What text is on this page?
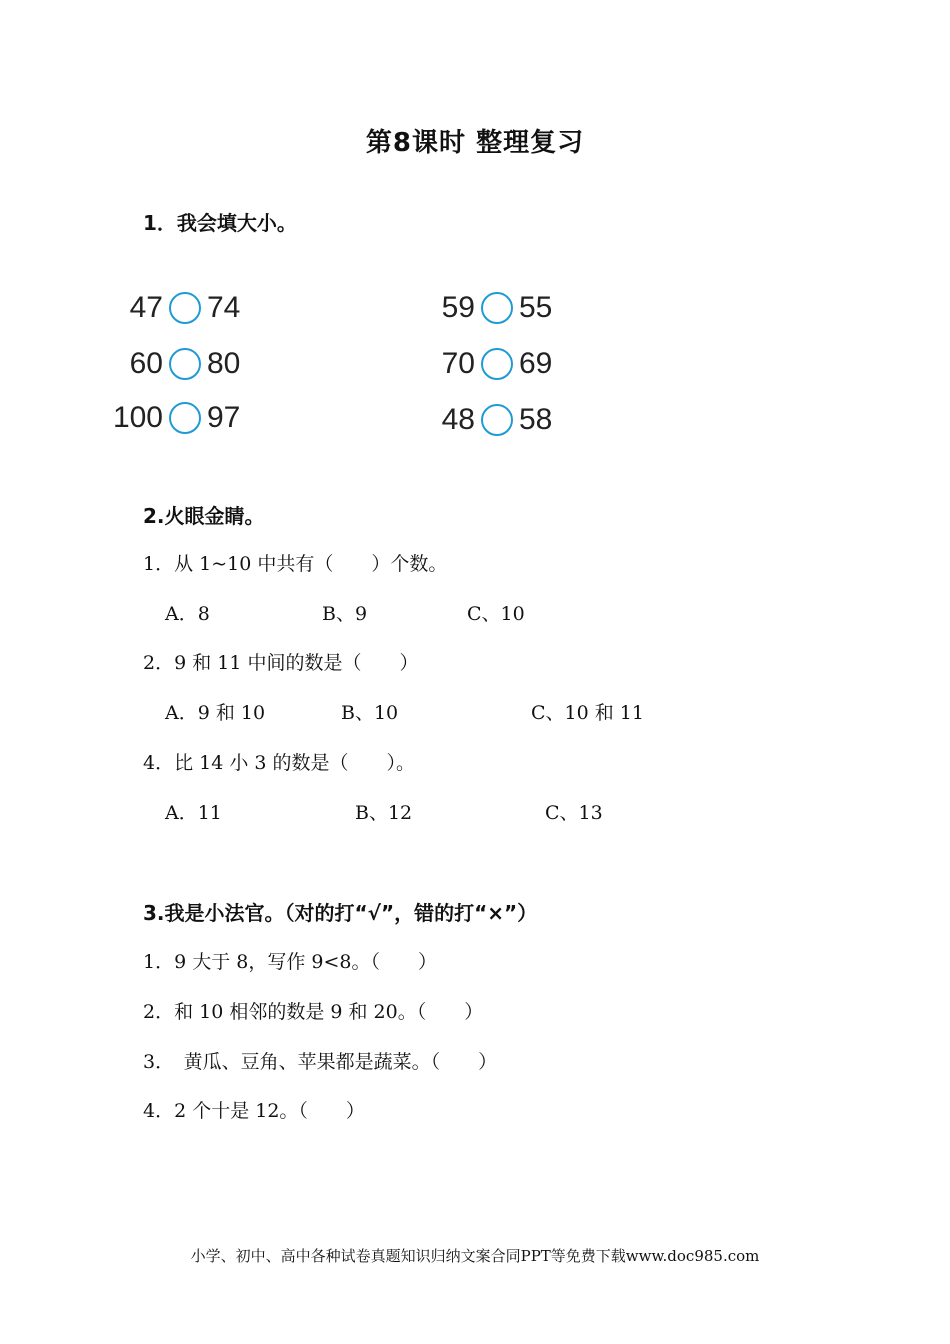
第8课时 整理复习
1．我会填大小。
47 74
60 80
100 97
59 55
70 69
48 58
2.火眼金睛。
1．从 1~10 中共有（　　）个数。
A．8	B、9	C、10
2．9 和 11 中间的数是（　　）
A．9 和 10	B、10	C、10 和 11
4．比 14 小 3 的数是（　　）。
A．11	B、12	C、13
3.我是小法官。（对的打“√”，错的打“×”）
1．9 大于 8，写作 9<8。（　　）
2．和 10 相邻的数是 9 和 20。（　　）
3．　黄瓜、豆角、苹果都是蔬菜。（　　）
4．2 个十是 12。（　　）
小学、初中、高中各种试卷真题知识归纳文案合同PPT等免费下载www.doc985.com
